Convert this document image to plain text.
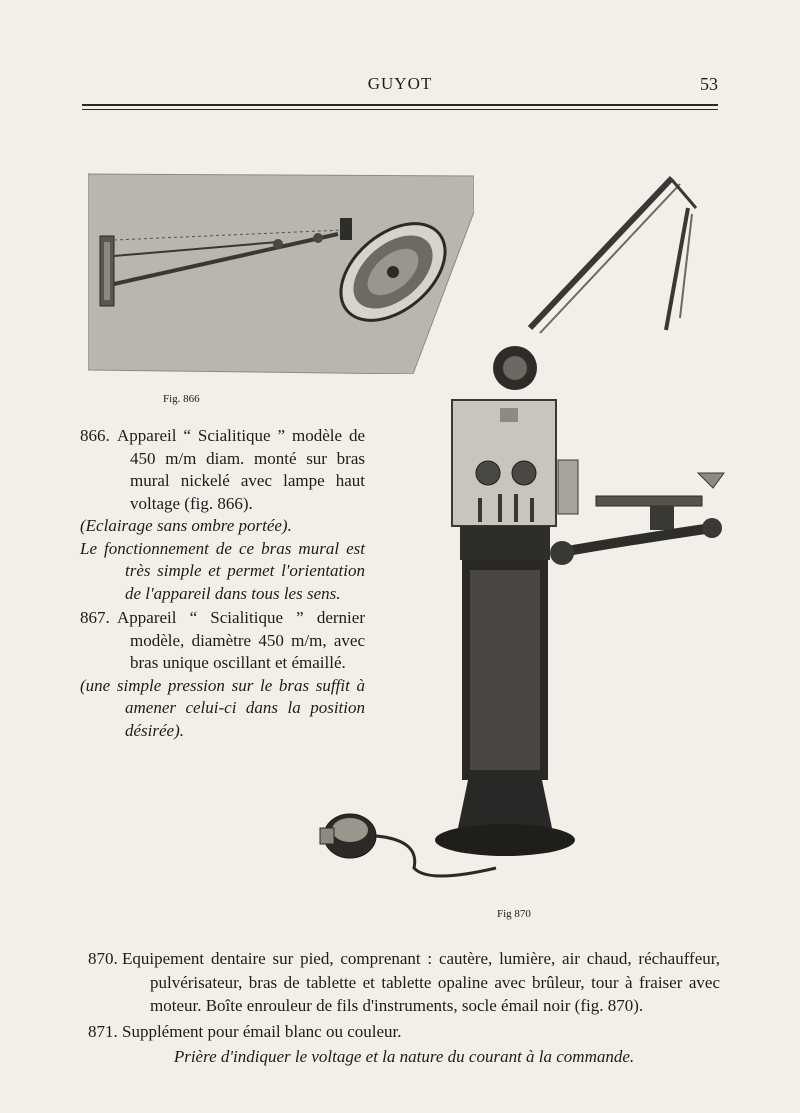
GUYOT	53
Fig. 866
Fig 870
866. Appareil “ Scialitique ” modèle de 450 m/m diam. monté sur bras mural nickelé avec lampe haut voltage (fig. 866).
(Eclairage sans ombre portée).
Le fonctionnement de ce bras mural est très simple et permet l'orientation de l'appareil dans tous les sens.
867. Appareil “ Scialitique ” dernier modèle, diamètre 450 m/m, avec bras unique oscillant et émaillé.
(une simple pression sur le bras suffit à amener celui-ci dans la position désirée).
870. Equipement dentaire sur pied, comprenant : cautère, lumière, air chaud, réchauffeur, pulvérisateur, bras de tablette et tablette opaline avec brûleur, tour à fraiser avec moteur. Boîte enrouleur de fils d'instruments, socle émail noir (fig. 870).
871. Supplément pour émail blanc ou couleur.
Prière d'indiquer le voltage et la nature du courant à la commande.
